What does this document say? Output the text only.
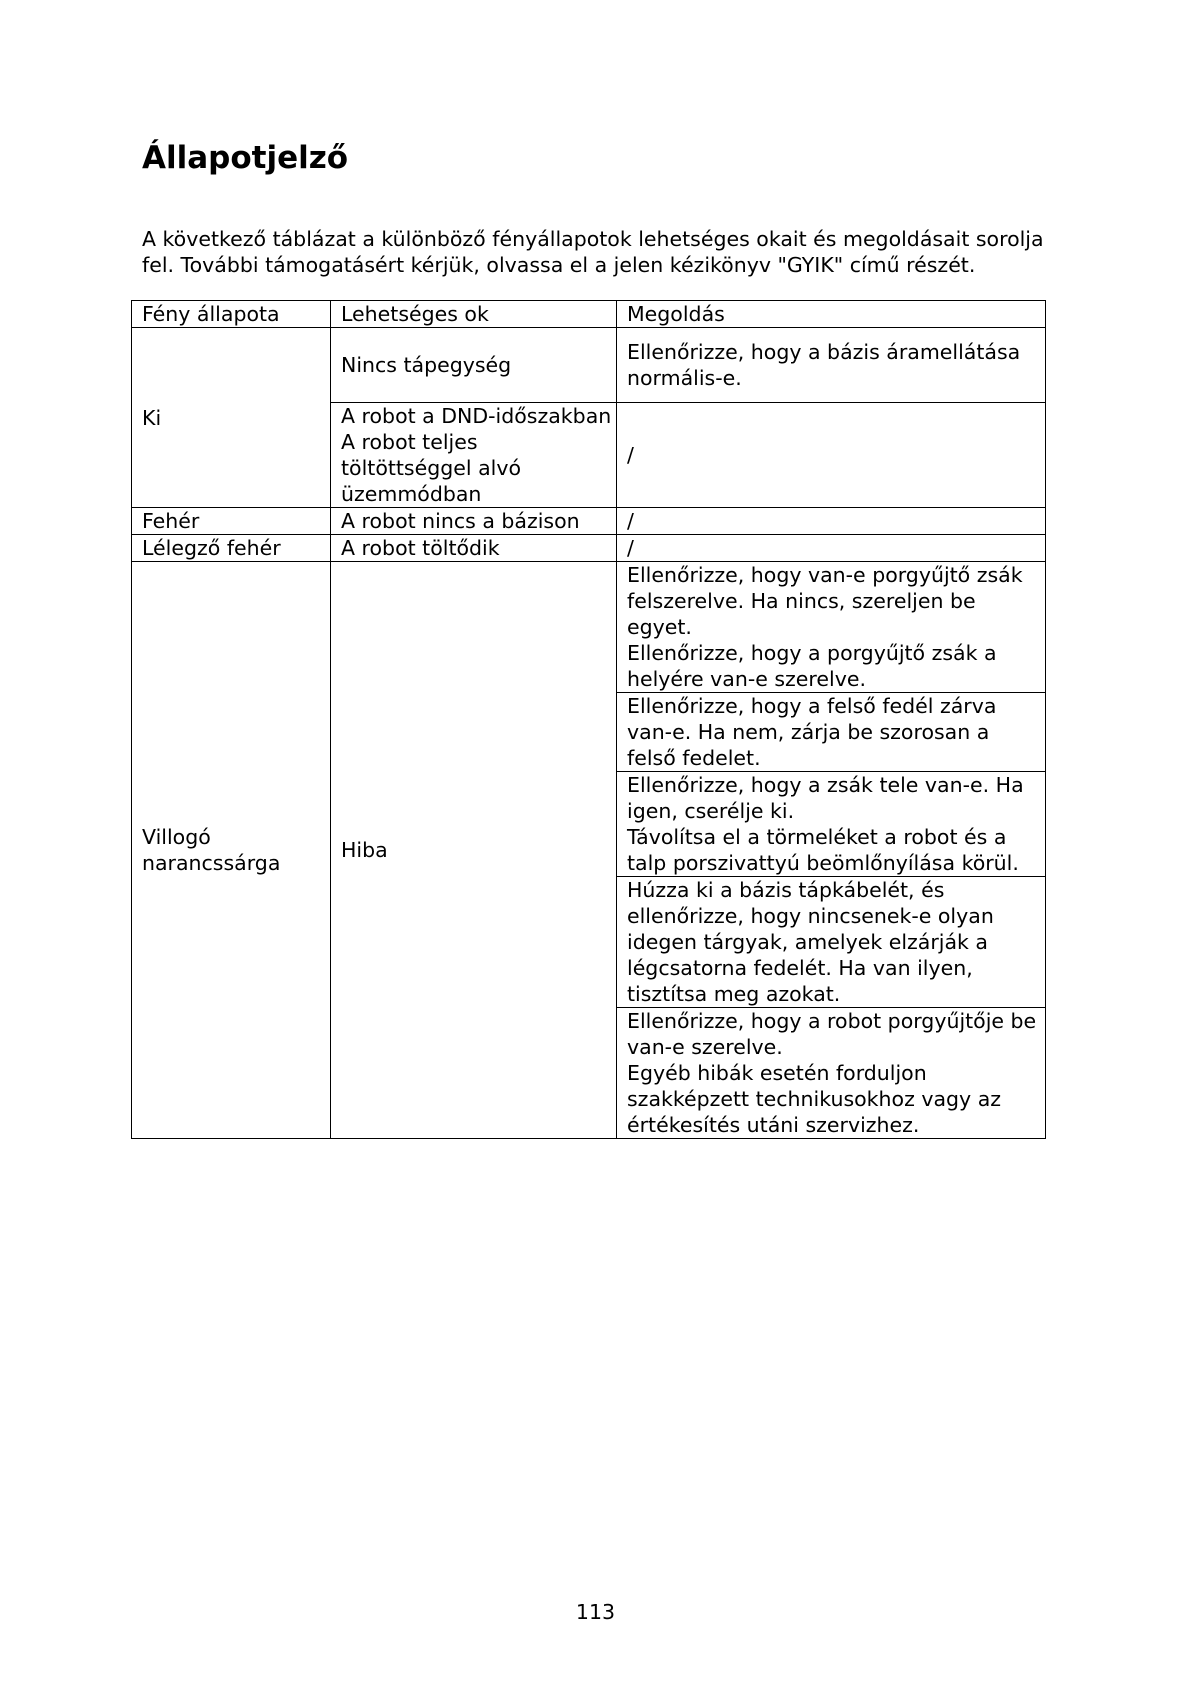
Állapotjelző

A következő táblázat a különböző fényállapotok lehetséges okait és megoldásait sorolja
fel. További támogatásért kérjük, olvassa el a jelen kézikönyv "GYIK" című részét.

Fény állapota	Lehetséges ok	Megoldás
Ki	Nincs tápegység	Ellenőrizze, hogy a bázis áramellátása
normális-e.

	A robot a DND-időszakban
A robot teljes
töltöttséggel alvó
üzemmódban	/
Fehér	A robot nincs a bázison	/
Lélegző fehér	A robot töltődik	/

Villogó
narancssárga	Hiba	Ellenőrizze, hogy van-e porgyűjtő zsák
felszerelve. Ha nincs, szereljen be
egyet.
Ellenőrizze, hogy a porgyűjtő zsák a
helyére van-e szerelve.

		Ellenőrizze, hogy a felső fedél zárva
van-e. Ha nem, zárja be szorosan a
felső fedelet.

		Ellenőrizze, hogy a zsák tele van-e. Ha
igen, cserélje ki.
Távolítsa el a törmeléket a robot és a
talp porszivattyú beömlőnyílása körül.

		Húzza ki a bázis tápkábelét, és
ellenőrizze, hogy nincsenek-e olyan
idegen tárgyak, amelyek elzárják a
légcsatorna fedelét. Ha van ilyen,
tisztítsa meg azokat.

		Ellenőrizze, hogy a robot porgyűjtője be
van-e szerelve.
Egyéb hibák esetén forduljon
szakképzett technikusokhoz vagy az
értékesítés utáni szervizhez.
113
